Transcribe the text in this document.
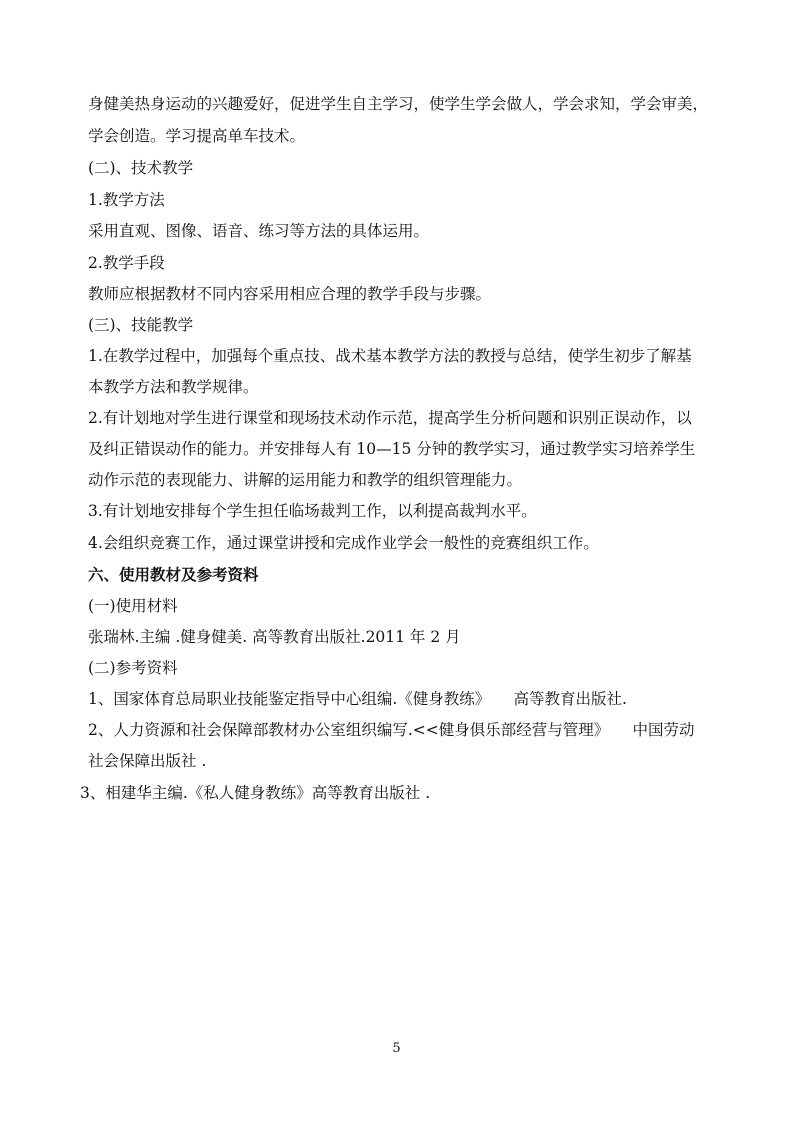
身健美热身运动的兴趣爱好，促进学生自主学习，使学生学会做人，学会求知，学会审美，
学会创造。学习提高单车技术。
(二)、技术教学
1.教学方法
采用直观、图像、语音、练习等方法的具体运用。
2.教学手段
教师应根据教材不同内容采用相应合理的教学手段与步骤。
(三)、技能教学
1.在教学过程中，加强每个重点技、战术基本教学方法的教授与总结，使学生初步了解基
本教学方法和教学规律。
2.有计划地对学生进行课堂和现场技术动作示范，提高学生分析问题和识别正误动作，以
及纠正错误动作的能力。并安排每人有 10—15 分钟的教学实习，通过教学实习培养学生
动作示范的表现能力、讲解的运用能力和教学的组织管理能力。
3.有计划地安排每个学生担任临场裁判工作，以利提高裁判水平。
4.会组织竞赛工作，通过课堂讲授和完成作业学会一般性的竞赛组织工作。
六、使用教材及参考资料
(一)使用材料
张瑞林.主编 .健身健美. 高等教育出版社.2011 年 2 月
(二)参考资料
1、国家体育总局职业技能鉴定指导中心组编.《健身教练》　　高等教育出版社.
2、人力资源和社会保障部教材办公室组织编写.<<健身俱乐部经营与管理》　　中国劳动
社会保障出版社 .
3、相建华主编.《私人健身教练》高等教育出版社 .
5
